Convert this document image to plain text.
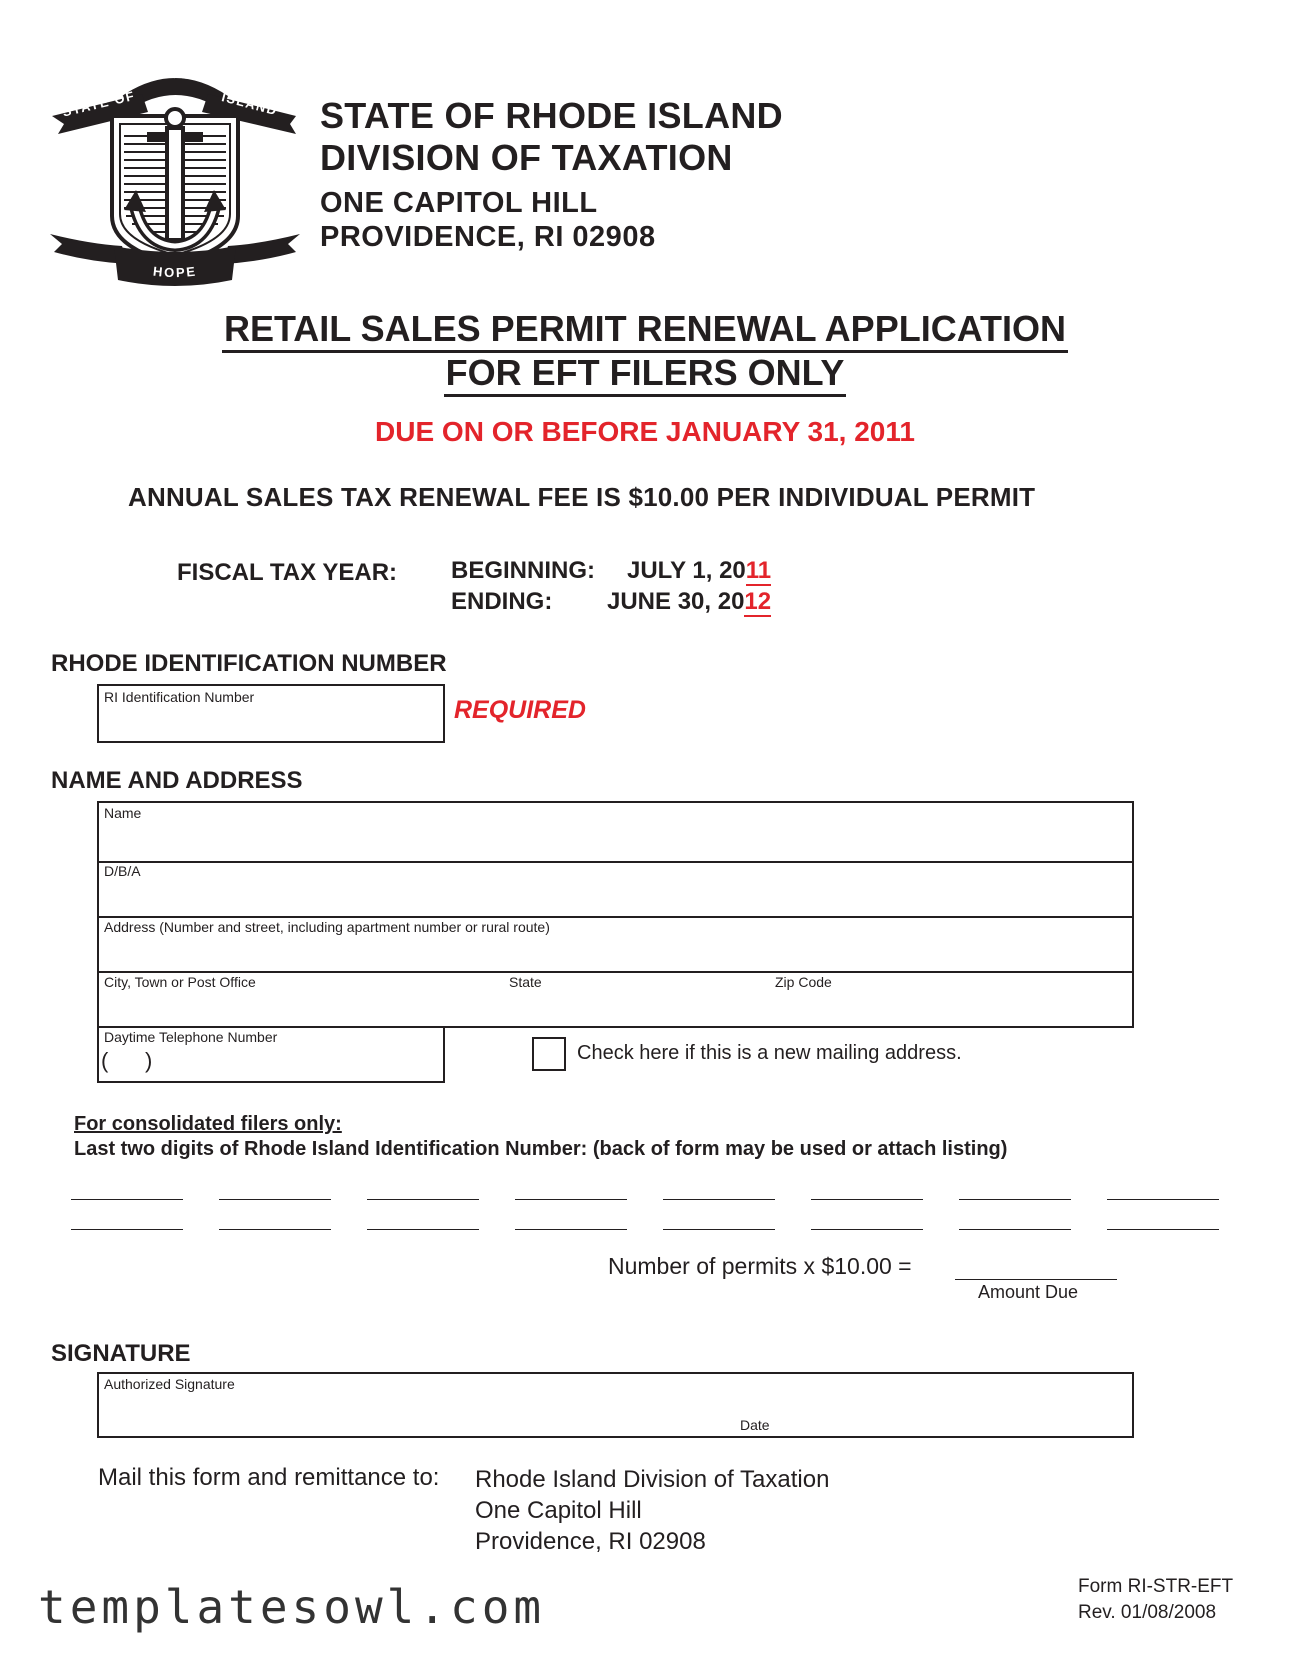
RHODE
STATE OF	ISLAND
HOPE
STATE OF RHODE ISLAND
DIVISION OF TAXATION
ONE CAPITOL HILL
PROVIDENCE, RI 02908
RETAIL SALES PERMIT RENEWAL APPLICATION
FOR EFT FILERS ONLY
DUE ON OR BEFORE JANUARY 31, 2011
ANNUAL SALES TAX RENEWAL FEE IS $10.00 PER INDIVIDUAL PERMIT
FISCAL TAX YEAR: BEGINNING: JULY 1, 2011
ENDING: JUNE 30, 2012
RHODE IDENTIFICATION NUMBER
RI Identification Number	REQUIRED
NAME AND ADDRESS
Name
D/B/A
Address (Number and street, including apartment number or rural route)
City, Town or Post Office	State	Zip Code
Daytime Telephone Number
(      )	Check here if this is a new mailing address.
For consolidated filers only:
Last two digits of Rhode Island Identification Number: (back of form may be used or attach listing)
Number of permits x $10.00 =
Amount Due
SIGNATURE
Authorized Signature
Date
Mail this form and remittance to: Rhode Island Division of Taxation
One Capitol Hill
Providence, RI 02908
templatesowl.com	Form RI-STR-EFT
Rev. 01/08/2008
